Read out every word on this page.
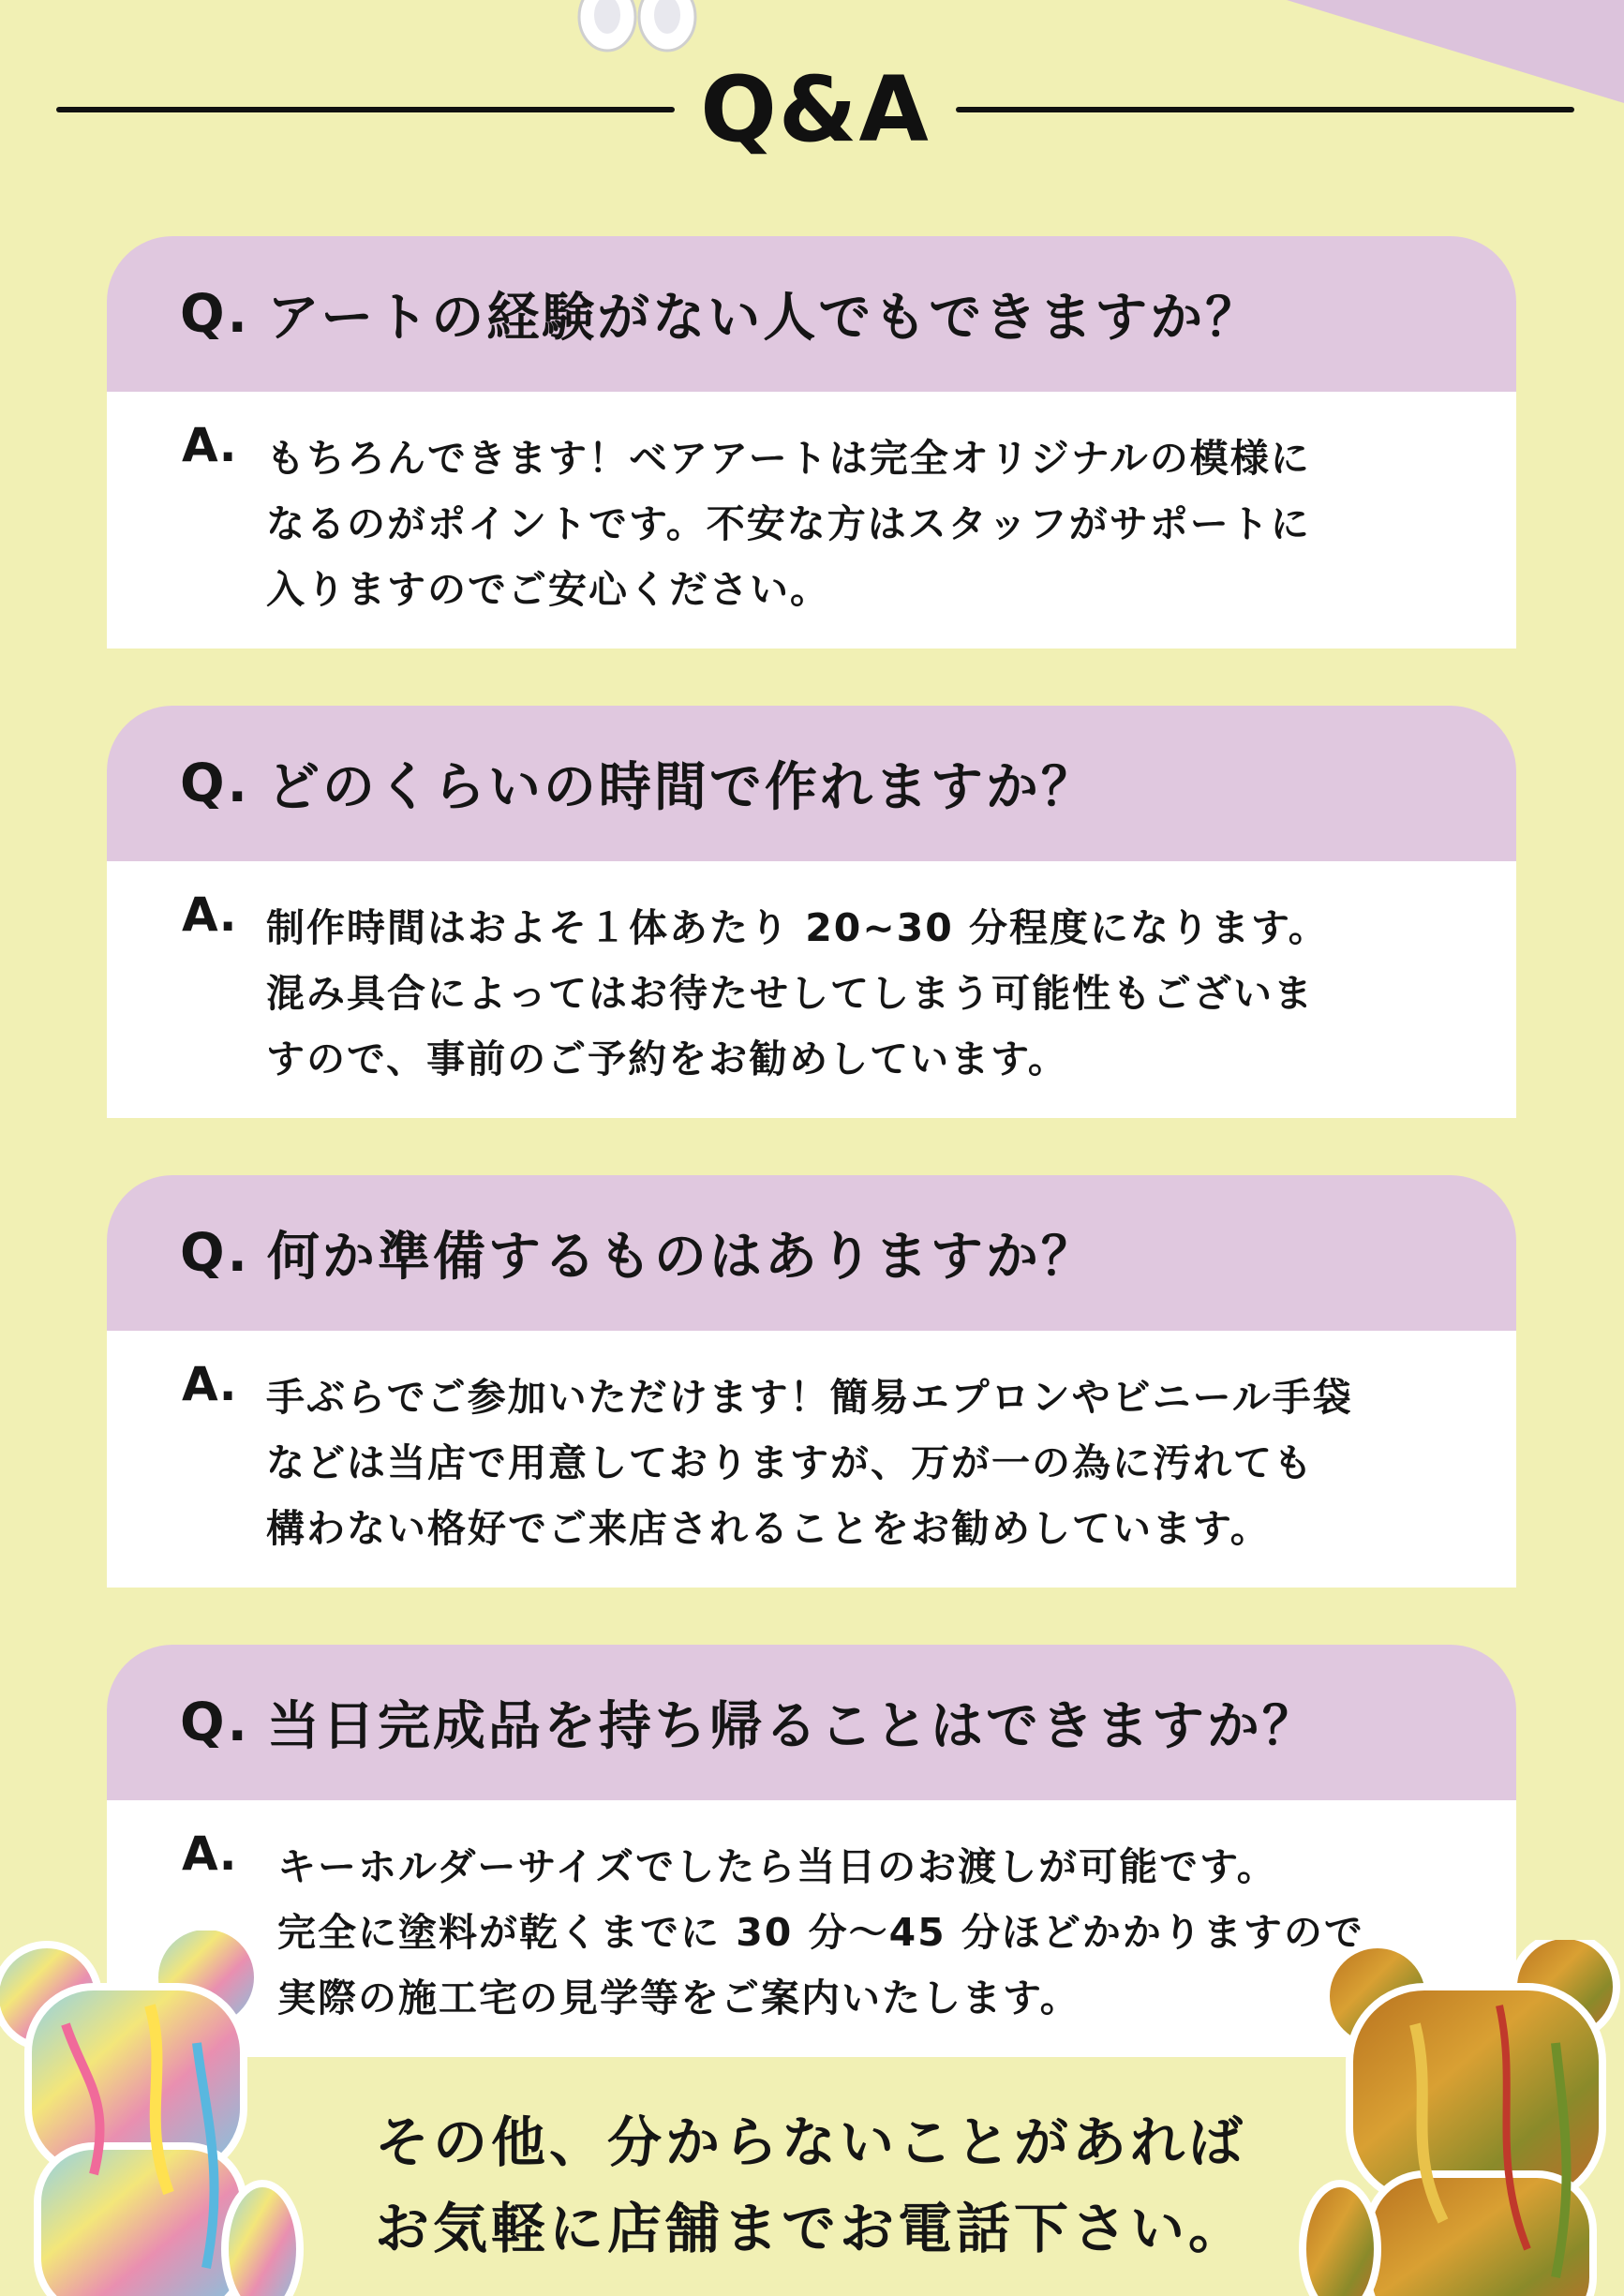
Q&A
Q. アートの経験がない人でもできますか？
A. もちろんできます！ベアアートは完全オリジナルの模様に
なるのがポイントです。不安な方はスタッフがサポートに
入りますのでご安心ください。
Q. どのくらいの時間で作れますか？
A. 制作時間はおよそ１体あたり 20~30 分程度になります。
混み具合によってはお待たせしてしまう可能性もございま
すので、事前のご予約をお勧めしています。
Q. 何か準備するものはありますか？
A. 手ぶらでご参加いただけます！簡易エプロンやビニール手袋
などは当店で用意しておりますが、万が一の為に汚れても
構わない格好でご来店されることをお勧めしています。
Q. 当日完成品を持ち帰ることはできますか？
A. キーホルダーサイズでしたら当日のお渡しが可能です。
完全に塗料が乾くまでに 30 分～45 分ほどかかりますので
実際の施工宅の見学等をご案内いたします。
その他、分からないことがあれば
お気軽に店舗までお電話下さい。
